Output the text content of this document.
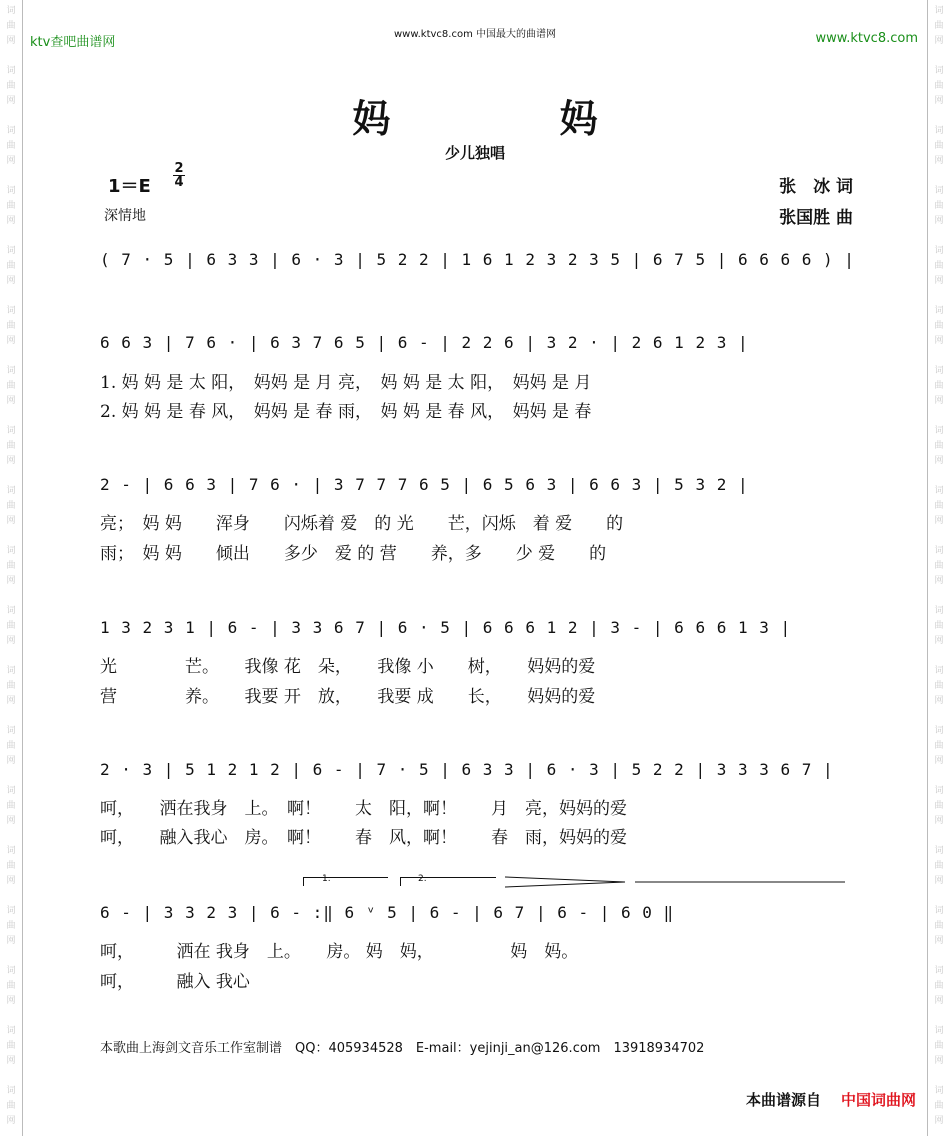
词
曲
网
词
曲
网
词
曲
网
词
曲
网
词
曲
网
词
曲
网
词
曲
网
词
曲
网
词
曲
网
词
曲
网
词
曲
网
词
曲
网
词
曲
网
词
曲
网
词
曲
网
词
曲
网
词
曲
网
词
曲
网
词
曲
网
词
曲
网
词
曲
网
词
曲
网
词
曲
网
词
曲
网
词
曲
网
词
曲
网
词
曲
网
词
曲
网
词
曲
网
词
曲
网
词
曲
网
词
曲
网
词
曲
网
词
曲
网
词
曲
网
词
曲
网
词
曲
网
词
曲
网
ktv查吧曲谱网
www.ktvc8.com 中国最大的曲谱网	www.ktvc8.com
妈 妈
少儿独唱
$1=E \frac{2}{4}$
深情地
张　冰 词
张国胜 曲
( 7 · 5 | 6 3 3 | 6 · 3 | 5 2 2 | 1 6 1 2 3 2 3 5 | 6 7 5 | 6 6 6 6 ) |
6 6 3 | 7 6 · | 6 3 7 6 5 | 6 - | 2 2 6 | 3 2 · | 2 6 1 2 3 |
1. 妈 妈 是 太 阳，　妈妈 是 月 亮，　妈 妈 是 太 阳，　妈妈 是 月
2. 妈 妈 是 春 风，　妈妈 是 春 雨，　妈 妈 是 春 风，　妈妈 是 春
2 - | 6 6 3 | 7 6 · | 3 7 7 7 6 5 | 6 5 6 3 | 6 6 3 | 5 3 2 |
亮；　妈 妈　　浑身　　闪烁着 爱　的 光　　芒，闪烁　着 爱　　的
雨；　妈 妈　　倾出　　多少　爱 的 营　　养，多　　少 爱　　的
1 3 2 3 1 | 6 - | 3 3 6 7 | 6 · 5 | 6 6 6 1 2 | 3 - | 6 6 6 1 3 |
光　　　　芒。　　我像 花　朵，　　我像 小　　树，　　妈妈的爱
营　　　　养。　　我要 开　放，　　我要 成　　长，　　妈妈的爱
2 · 3 | 5 1 2 1 2 | 6 - | 7 · 5 | 6 3 3 | 6 · 3 | 5 2 2 | 3 3 3 6 7 |
呵，　　洒在我身　上。　啊！　　太　阳，啊！　　月　亮，妈妈的爱
呵，　　融入我心　房。　啊！　　春　风，啊！　　春　雨，妈妈的爱
1.	2.
6 - | 3 3 2 3 | 6 - :‖ 6 ᵛ 5 | 6 - | 6 7 | 6 - | 6 0 ‖
呵，　　　洒在 我身　上。　　房。 妈　妈，　　　　　妈　妈。
呵，　　　融入 我心
本歌曲上海剑文音乐工作室制谱　QQ：405934528　E-mail：yejinji_an@126.com　13918934702
本曲谱源自 中国词曲网
